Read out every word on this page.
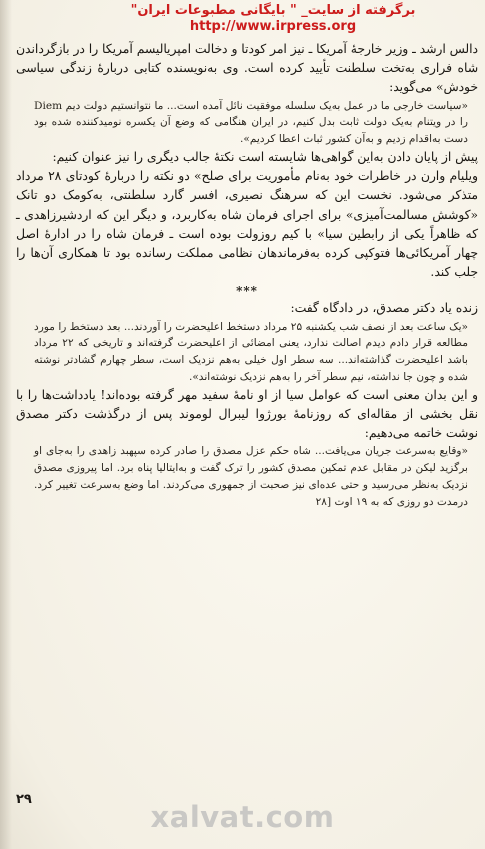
برگرفته از سایت_ " بایگانی مطبوعات ایران"
http://www.irpress.org

دالس ارشد ـ وزیر خارجۀ آمریکا ـ نیز امر کودتا و دخالت امپریالیسم آمریکا را در بازگرداندن شاه فراری به‌تخت سلطنت تأیید کرده است. وی به‌نویسنده کتابی دربارۀ زندگی سیاسی خودش» می‌گوید:

«سیاست خارجی ما در عمل به‌یک سلسله موفقیت نائل آمده است... ما نتوانستیم دولت دیم Diem را در ویتنام به‌یک دولت ثابت بدل کنیم، در ایران هنگامی که وضع آن یکسره نومیدکننده شده بود دست به‌اقدام زدیم و به‌آن کشور ثبات اعطا کردیم».

پیش از پایان دادن به‌این گواهی‌ها شایسته است نکتۀ جالب دیگری را نیز عنوان کنیم:

ویلیام وارن در خاطرات خود به‌نام مأموریت برای صلح» دو نکته را دربارۀ کودتای ۲۸ مرداد متذکر می‌شود. نخست این که سرهنگ نصیری، افسر گارد سلطنتی، به‌کومک دو تانک «کوشش مسالمت‌آمیزی» برای اجرای فرمان شاه به‌کاربرد، و دیگر این که اردشیرزاهدی ـ که ظاهراً یکی از رابطین سیا» با کیم روزولت بوده است ـ فرمان شاه را در ادارۀ اصل چهار آمریکائی‌ها فتوکپی کرده به‌فرماندهان نظامی مملکت رسانده بود تا همکاری آن‌ها را جلب کند.

***

زنده یاد دکتر مصدق، در دادگاه گفت:

«یک ساعت بعد از نصف شب یکشنبه ۲۵ مرداد دستخط اعلیحضرت را آوردند... بعد دستخط را مورد مطالعه قرار دادم دیدم اصالت ندارد، یعنی امضائی از اعلیحضرت گرفته‌اند و تاریخی که ۲۲ مرداد باشد اعلیحضرت گذاشته‌اند... سه سطر اول خیلی به‌هم نزدیک است، سطر چهارم گشادتر نوشته شده و چون جا نداشته، نیم سطر آخر را به‌هم نزدیک نوشته‌اند».

و این بدان معنی است که عوامل سیا از او نامۀ سفید مهر گرفته بوده‌اند! یادداشت‌ها را با نقل بخشی از مقاله‌ای که روزنامۀ بورژوا لیبرال لوموند پس از درگذشت دکتر مصدق نوشت خاتمه می‌دهیم:

«وقایع به‌سرعت جریان می‌یافت... شاه حکم عزل مصدق را صادر کرده سپهبد زاهدی را به‌جای او برگزید لیکن در مقابل عدم تمکین مصدق کشور را ترک گفت و به‌ایتالیا پناه برد. اما پیروزی مصدق نزدیک به‌نظر می‌رسید و حتی عده‌ای نیز صحبت از جمهوری می‌کردند. اما وضع به‌سرعت تغییر کرد. درمدت دو روزی که به ۱۹ اوت [۲۸

۲۹
xalvat.com
